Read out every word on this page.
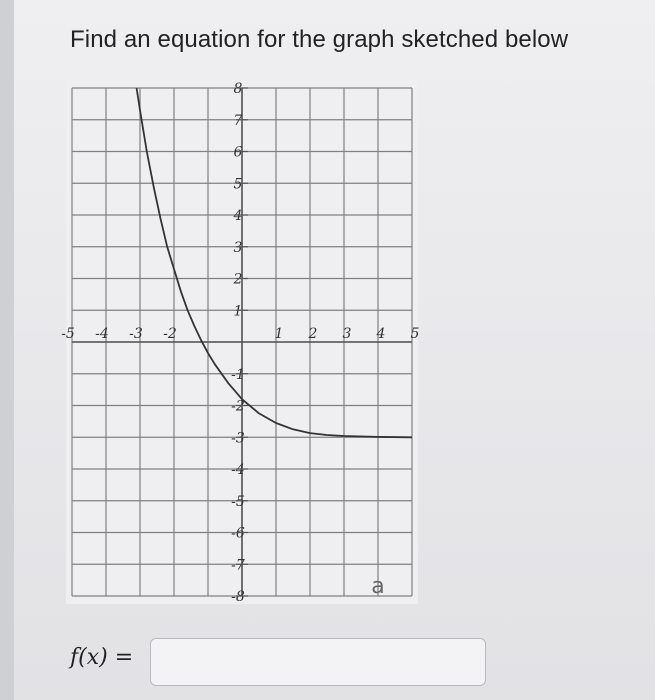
Find an equation for the graph sketched below
-5 -4 -3 -2	1 2 3 4 5
8
7
6
5
4
3
2
1
-1
-2
-3
-4
-5
-6
-7
-8	a
f(x) =
